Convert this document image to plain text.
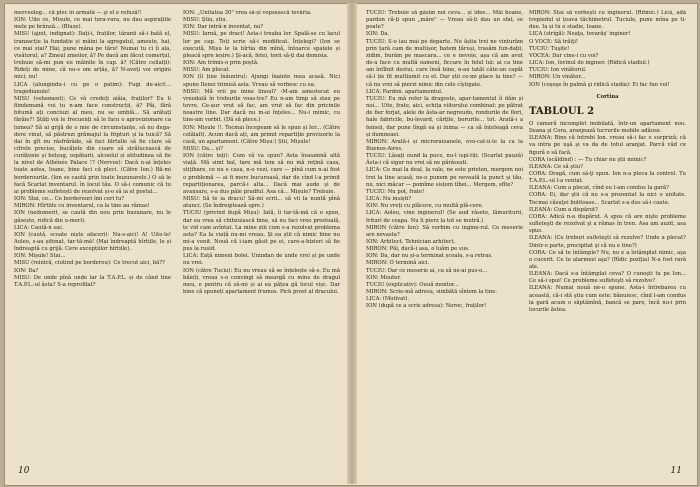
merceolog... că plec în armată — şi el e refuză!!

ION: Uite ce, Misule, ce mai tura-vura, nu dau aspirațiile mele pe brânză... (Bluze).

MISU (ajnit, indignat): Dați-i, fraților, tăranii să-i bată el, tranzacție la fundație și mâini la agregatul, ameute, hai, ce mai stai? Hai, pune mâna pe tăru! Numai tu ci îi ala, visătorul, a? Zmeul zmeilor, ă? Pe dacă am făcut comerțul, trebuie să-mi pun eu mâinile în cap. ă? (Către ceilalți): Rideți de mine, că nu-s om arțâș, ă? N-aveți voi origini mici, nu!

LICA (alungindu-i cu pe o patim): Fugi de-aici!... tragedianule!

MISU (vehement): Ce vă credeți aiâia, fraților? Eu li fiindemană vui tu n-am face construcții, ă? Păi, fără bitumă ați concluzi al meu, nu se umblă... Să arătați fărâie?! Ștăți voi le frecuenți să le facu o aprovizionare ca lumea? Să ai grijă de o mie de circumstanțe, să nu dega-dere vinul, să păstrezi grămajul la fripturi și la tuică? Să dai în gît nu răsfrărâde, să faci blrtulle să fie clare să cifrele precise, bucățele din cuare să strălucească de curățenie și belșug, ospătarii, alcoolul și atitudinea să fie la nivel de Athénée Palace !? (Nervos): Dacă n-ai înțeles toate astea, Ioane, bine faci că pleci. (Către Ion.) Bă-mi borderourile. (Ion se caută prin toate buzunarele.) O să le facă Scarlat inventarul. în locul tău. O să-i comunic că tu ai probleme sufletești de rezolvat și-o să ia el postul...

ION: Stai, ce... Ce borderouri îmi ceri tu?

MIRON: Hîrtiile cu inventarul, ca la tine au rămas!

ION (nedumerit, se caută din nou prin buzunare, nu le găsește, ridică din u-meri).

LICA: Caută-n sac.

ION (caută, scoate niște afaceri): Nu-s-aici! A! Uite-le! Aoleo, s-au șifonat, tar-tă-mă! (Mai îndreaptă hîrtiile, le și îndreaptă cu grijă. Cere excepțiilor hîrtiile).

ION: Mișule! Stai...

MISU (reintră, ciutind pe borderou): Ce trecut aici, bă??

ION: Da?

MISU: De unde pînă unde lar la T.A.P.L. și de când tine T.A.P.L.-ul ăsta? S-a reprofilat?

ION: „Unitatea 30" vrea să-și vopsească tevăria.

MISU: Știu, știu.

ION: Dar intră-n inventat, nu?

MISU: Iarnă, pe draci! Asta-i treaba lor. Spală-se cu lacul lor pe cap. Toți scrie să-i modificat. Înțelegi? (Ion se execută, Mișu le la hîrtia din mînă, întoarce spatele și pleacă spre ieșire.) Și-acă, fetei, torii să-ți dai demisia.

ION: Am trimis-o prin poștă.

MISU: Am plecat.

ION (îl ține înăuntru): Ajungi înainte mea acasă. Nici spune Ilenei trimisă asta. Vreau să vorbesc cu ea.

MISU: Mă vrii pe mine linoul? ‹M-am amestecat eu vreodată în treburile voas-tre? Eu n-am timp să stau pe tovre. Ce-aur vrut să fac, am vrut să fac din pricinile noastre line. Dar dacă nu m-ai înțeles... Nu-i mimic, cu tine-am vorbit. (Dă să plece.)

ION: Mișule !!. Tocmai începeam să le spun și Ier... (Către celălalt). Acum dacă ați, am primit repartiție provizorie la casă, un apartament. (Către Mișu:) Știi, Mișule!

MISU: Da... și?

ION (către toți): Cum vă va spun? Asta înseamnă altă viață. Mă simt bal, tare mă tem să nu mă rețină casa, știțibare, ce nu e casa, n-o vezi, care — pînă cum n-ai fost o problemă — ai fi mers bucuroasă, dar de cînd l-a primit repartiționarea, parcă-i alta... Dacă mai aude și de avansare, s-a dus pâle pradful. Asa că... Mișule? Trebuie.

MISU: Să te ia dracu! Să-mi scrii... să vii la nuntă pînă atunci. (Se îndreiptează spre.)

TUCIU (privind după Mișu): Iată, îi tar-tă-mă că o spun, dar ea vrea să chibzuiască bine, să nu faci vreo prostoală, te vid cam avîntat. La mine știi cum s-a rezolvat problema asta? Ea la viață nu-mi vreau. Și ea știi că nimic bine nu mi-a venit. Nouă că i-iam găsit pe ei, care-a-bizieri să fie pus la rusid.

LICA: Eață nimeni bolei. Unindan de unde vrei și pe unde nu vrei.

ION (către Tuciu): Eu nu vreau să se înțelește să-s. Eu mă băieți, vreau s-o convingi să meargă cu mine de dragul meu, e pentru că să-mi și ai ea pățea gă locul vișc. Dar bine că spuneți apartament frumos. Pick prost al dracului.

10

TUCIU: Trebuie să găsim noi ceva... și idee... Măi boane, pardon că-ți spun „măre" — Vreau să-ți dau un sfat, se poate?

ION: Da.

TUCIU: S-o iau mai pe departe. Nu ăștia trei ne vinturăm prin țară cam de multișor, batem țăruși, trasăm fun-dații, zidim, burăm pe mascara... ce e nevoie, așa că am avut de-a face cu multă oameni, ficcare în felul lui: ai ca tine am întîlnit destui, care însă bine, n-au tatăt câte-un capăt să-l ție fit multiumit cu el. Dar știi ce-mi place la tine? — că nu vrei să pierzi nimic din cele cîștigate.

LICA: Pardon. apartamentul.

TUCIU: Eu mă refer la dragoste, apar-tamentul îi dăm și noi... Uite, frate, aici, schița viitorului combinat: pe pătrat de fier forjat, alele de ăsta-ar negreudo, rondurile de flori, hale fabricile, bu-levard, cărțile, borurile... tot. Arată-i a femeii, dar pune lîngă ea și inima — ca să înțeleagă ceva și dumneaei.

MIRON: Arată-i și microraioanele, evo-cat-ii-le la ca la Buenos-Aires.

TUCIU: Lăsați ound la puce, nu-l ispi-tiți. (Scarlat pauză) Ăsta-i că sigur nu vrei să ne părăsești.

LICA: Ce mai la deal, la vale, ne este prieten, mergem noi trei la tine acasă, ne-o punem pe neveată la punct și tău, nu, nici măcar — pomîme sisțem tîbei... Mergem, sfîte?

TUCIU: Nu pot, frate!

LICA: Nu insiști?

ION: Nu vreți cu plăcere, cu multă plă-cere.

LICA: Aoleu, vine ingineruI! (Se aud râsete, lămuriturii, frituri de ceapa. Nu li pierz la tot se mutră.)

MIRON (către Ion): Să vorbim cu ingine-rul. Ce meserie are nevasta?

ION: Arhitect. Tehnician arhitect.

MIRON: Păi, dacă-i asa, o luăm pe sus.

ION: Da, dar nu și-a terminat școala, s-a retras.

MIRON: O termină aici.

TUCIU: Dar ce meserie ai, ca să ne-ai pus-o...

ION: Mouter.

TUCIU (explicativ): Ouuă montor...

MIRON: Scrie-mă adresa, simbătă sîntem la tine.

LICA: (Motivat).

ION (după ce a scris adresa): Noroc, fraților!

MIRON: Stai să vorbești cu inginerul. (Ritmic.) Lică, adă trepiedul și țeava tăchimetrul. Tuciule, pune mîna pe ti-due. Ia și tu o stadie, Ioane.

LICA (strigă): Neaţa, tovarăş' inginer!

O VOCE: Să trăiţi!

TUCIU: Tuşite!

VOCEA: Dar cine-i cu voi?

LICA: Ion, lovinul de inginer. (Ridică stadiul.)

TUCIU: Ion vinătorul.

MIRON: Un vinător...

ION (coşoşe în palmă şi ridică stadia): Ei fac fun voi!

Cortina

TABLOUL 2

O cameră incomplet mobilată, într-un apartament nou. Ileana şi Cora, aranjează lucrurile mobile adăuse.

ILEANA: Bine că întrebi Ion. vreau să-i fac o surpriză; că va intra pe uşă și va da de totul aranjat. Parcă văd ce figură o să facă.

CORA (scăldind) : — Tu chiar nu ştii mimic?

ILEANA: Ce să ştiu?

CORA: Dragă, cum să-ţi spun. Ion n-a pleca la control. Tu T.A.P.L.-ul l-a ventat.

ILEANA: Cum a plecat, cînd eu l-am condus la gară?

CORA: Ei, dar ştii că nu s-a prezentat la nici o unitate. Tocmai căsuţei bolitoase... Scarlat s-a dus să-i caute.

ILEANA: Cum a dispărut?

CORA: Adică n-a dispărut. A spus că are nişte probleme sufleteşti de rezolvat şi a rămas în tren. Asa am auzit, asa spus.

ILEANA: (Ce treburi sufleteşti să rezolve? Unde a plecat? Dintr-o parte, precipitat şi că nu e tine?)

CORA: Ce să te întâmple? Nu, nu e a întâmplat nimic, aşa o cucerit. Ce te alarmezi aşa? (Rîdic poziţia) N-a fost rară ale.

ILEANA: Dacă s-a întâmplat ceva? O cunoşti tu pe Ion... Ce să-i spui! Ce probleme sufleteşti să rezolve?

ILEANA: Numai nouă ne-o spune. Asta-i întrebarea cu această, că-i stă ştiu cum este: bănuiesc, cînd l-am condus la gară acum o săptămînă, bancă se pare, încă nu-i prin locurile ăstea.

11
